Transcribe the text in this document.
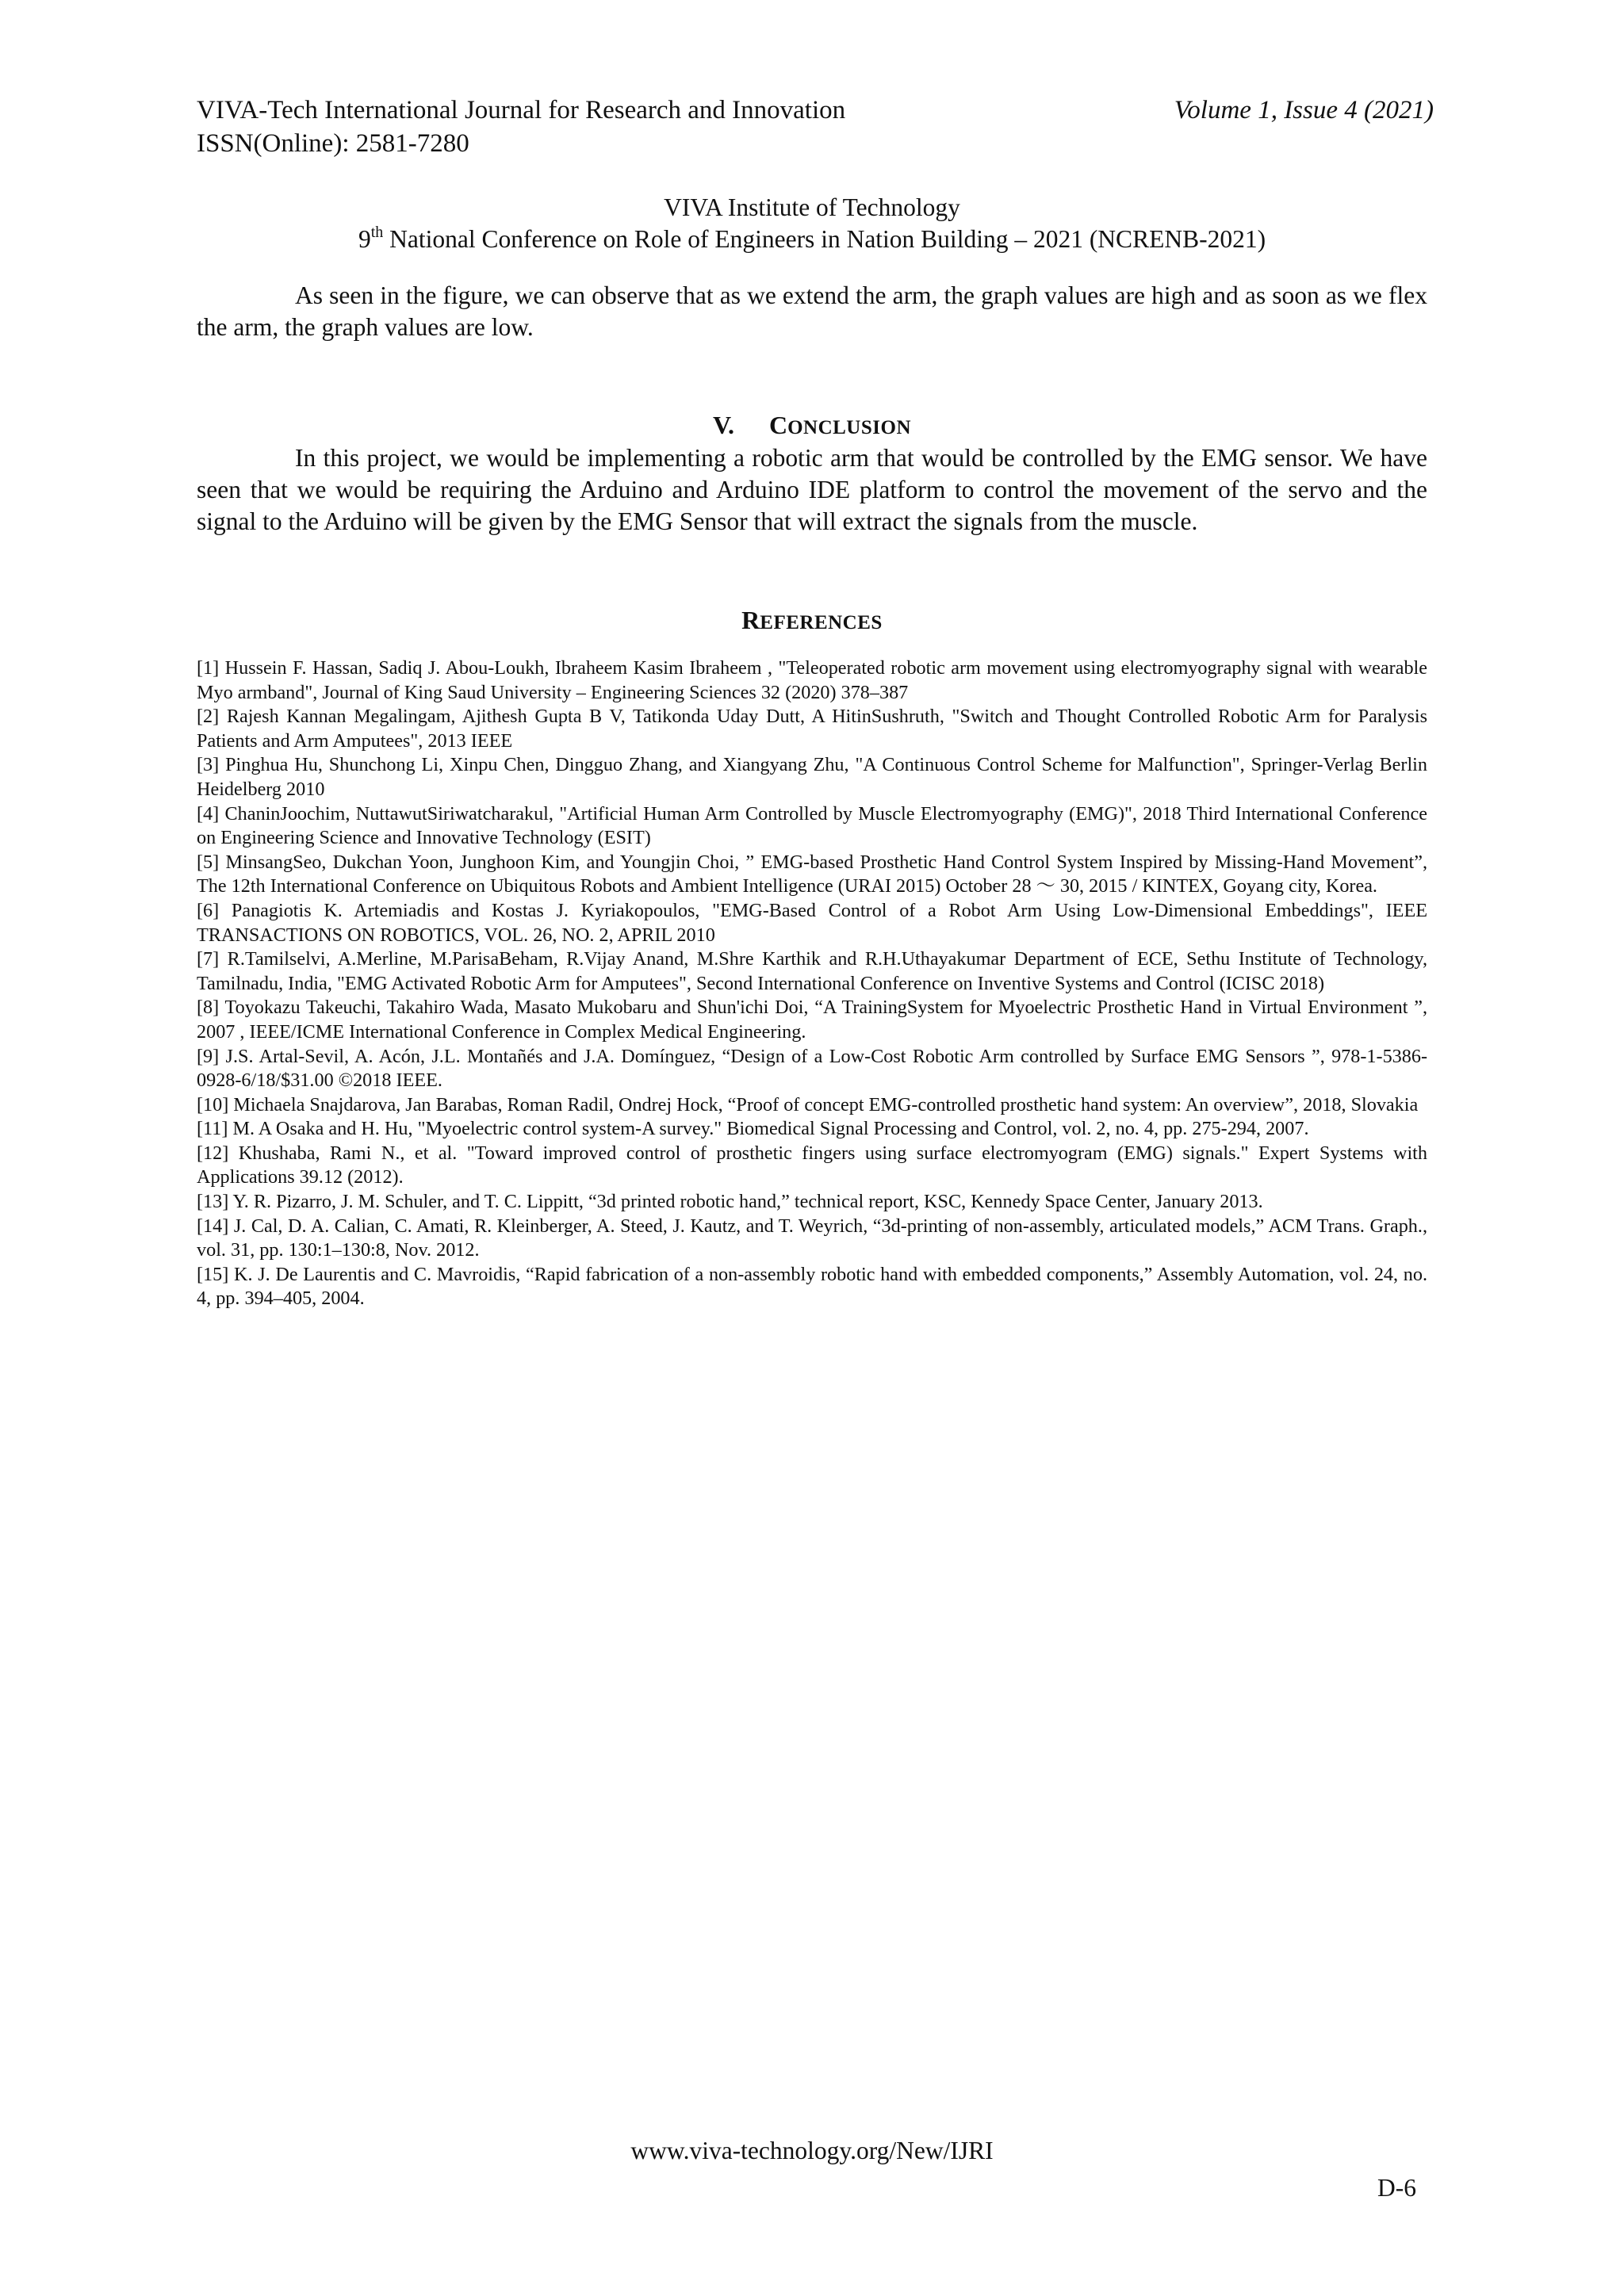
VIVA-Tech International Journal for Research and Innovation
ISSN(Online): 2581-7280
Volume 1, Issue 4 (2021)
VIVA Institute of Technology
9th National Conference on Role of Engineers in Nation Building – 2021 (NCRENB-2021)

As seen in the figure, we can observe that as we extend the arm, the graph values are high and as soon as we flex the arm, the graph values are low.

V. CONCLUSION

In this project, we would be implementing a robotic arm that would be controlled by the EMG sensor. We have seen that we would be requiring the Arduino and Arduino IDE platform to control the movement of the servo and the signal to the Arduino will be given by the EMG Sensor that will extract the signals from the muscle.

REFERENCES

[1] Hussein F. Hassan, Sadiq J. Abou-Loukh, Ibraheem Kasim Ibraheem , "Teleoperated robotic arm movement using electromyography signal with wearable Myo armband", Journal of King Saud University – Engineering Sciences 32 (2020) 378–387

[2] Rajesh Kannan Megalingam, Ajithesh Gupta B V, Tatikonda Uday Dutt, A HitinSushruth, "Switch and Thought Controlled Robotic Arm for Paralysis Patients and Arm Amputees", 2013 IEEE

[3] Pinghua Hu, Shunchong Li, Xinpu Chen, Dingguo Zhang, and Xiangyang Zhu, "A Continuous Control Scheme for Malfunction", Springer-Verlag Berlin Heidelberg 2010

[4] ChaninJoochim, NuttawutSiriwatcharakul, "Artificial Human Arm Controlled by Muscle Electromyography (EMG)", 2018 Third International Conference on Engineering Science and Innovative Technology (ESIT)

[5] MinsangSeo, Dukchan Yoon, Junghoon Kim, and Youngjin Choi, ” EMG-based Prosthetic Hand Control System Inspired by Missing-Hand Movement”, The 12th International Conference on Ubiquitous Robots and Ambient Intelligence (URAI 2015) October 28 ～ 30, 2015 / KINTEX, Goyang city, Korea.

[6] Panagiotis K. Artemiadis and Kostas J. Kyriakopoulos, "EMG-Based Control of a Robot Arm Using Low-Dimensional Embeddings", IEEE TRANSACTIONS ON ROBOTICS, VOL. 26, NO. 2, APRIL 2010

[7] R.Tamilselvi, A.Merline, M.ParisaBeham, R.Vijay Anand, M.Shre Karthik and R.H.Uthayakumar Department of ECE, Sethu Institute of Technology, Tamilnadu, India, "EMG Activated Robotic Arm for Amputees", Second International Conference on Inventive Systems and Control (ICISC 2018)

[8] Toyokazu Takeuchi, Takahiro Wada, Masato Mukobaru and Shun'ichi Doi, “A TrainingSystem for Myoelectric Prosthetic Hand in Virtual Environment ”, 2007 , IEEE/ICME International Conference in Complex Medical Engineering.

[9] J.S. Artal-Sevil, A. Acón, J.L. Montañés and J.A. Domínguez, “Design of a Low-Cost Robotic Arm controlled by Surface EMG Sensors ”, 978-1-5386-0928-6/18/$31.00 ©2018 IEEE.

[10] Michaela Snajdarova, Jan Barabas, Roman Radil, Ondrej Hock, “Proof of concept EMG-controlled prosthetic hand system: An overview”, 2018, Slovakia

[11] M. A Osaka and H. Hu, "Myoelectric control system-A survey." Biomedical Signal Processing and Control, vol. 2, no. 4, pp. 275-294, 2007.

[12] Khushaba, Rami N., et al. "Toward improved control of prosthetic fingers using surface electromyogram (EMG) signals." Expert Systems with Applications 39.12 (2012).

[13] Y. R. Pizarro, J. M. Schuler, and T. C. Lippitt, “3d printed robotic hand,” technical report, KSC, Kennedy Space Center, January 2013.

[14] J. Cal, D. A. Calian, C. Amati, R. Kleinberger, A. Steed, J. Kautz, and T. Weyrich, “3d-printing of non-assembly, articulated models,” ACM Trans. Graph., vol. 31, pp. 130:1–130:8, Nov. 2012.

[15] K. J. De Laurentis and C. Mavroidis, “Rapid fabrication of a non-assembly robotic hand with embedded components,” Assembly Automation, vol. 24, no. 4, pp. 394–405, 2004.

www.viva-technology.org/New/IJRI
D-6
